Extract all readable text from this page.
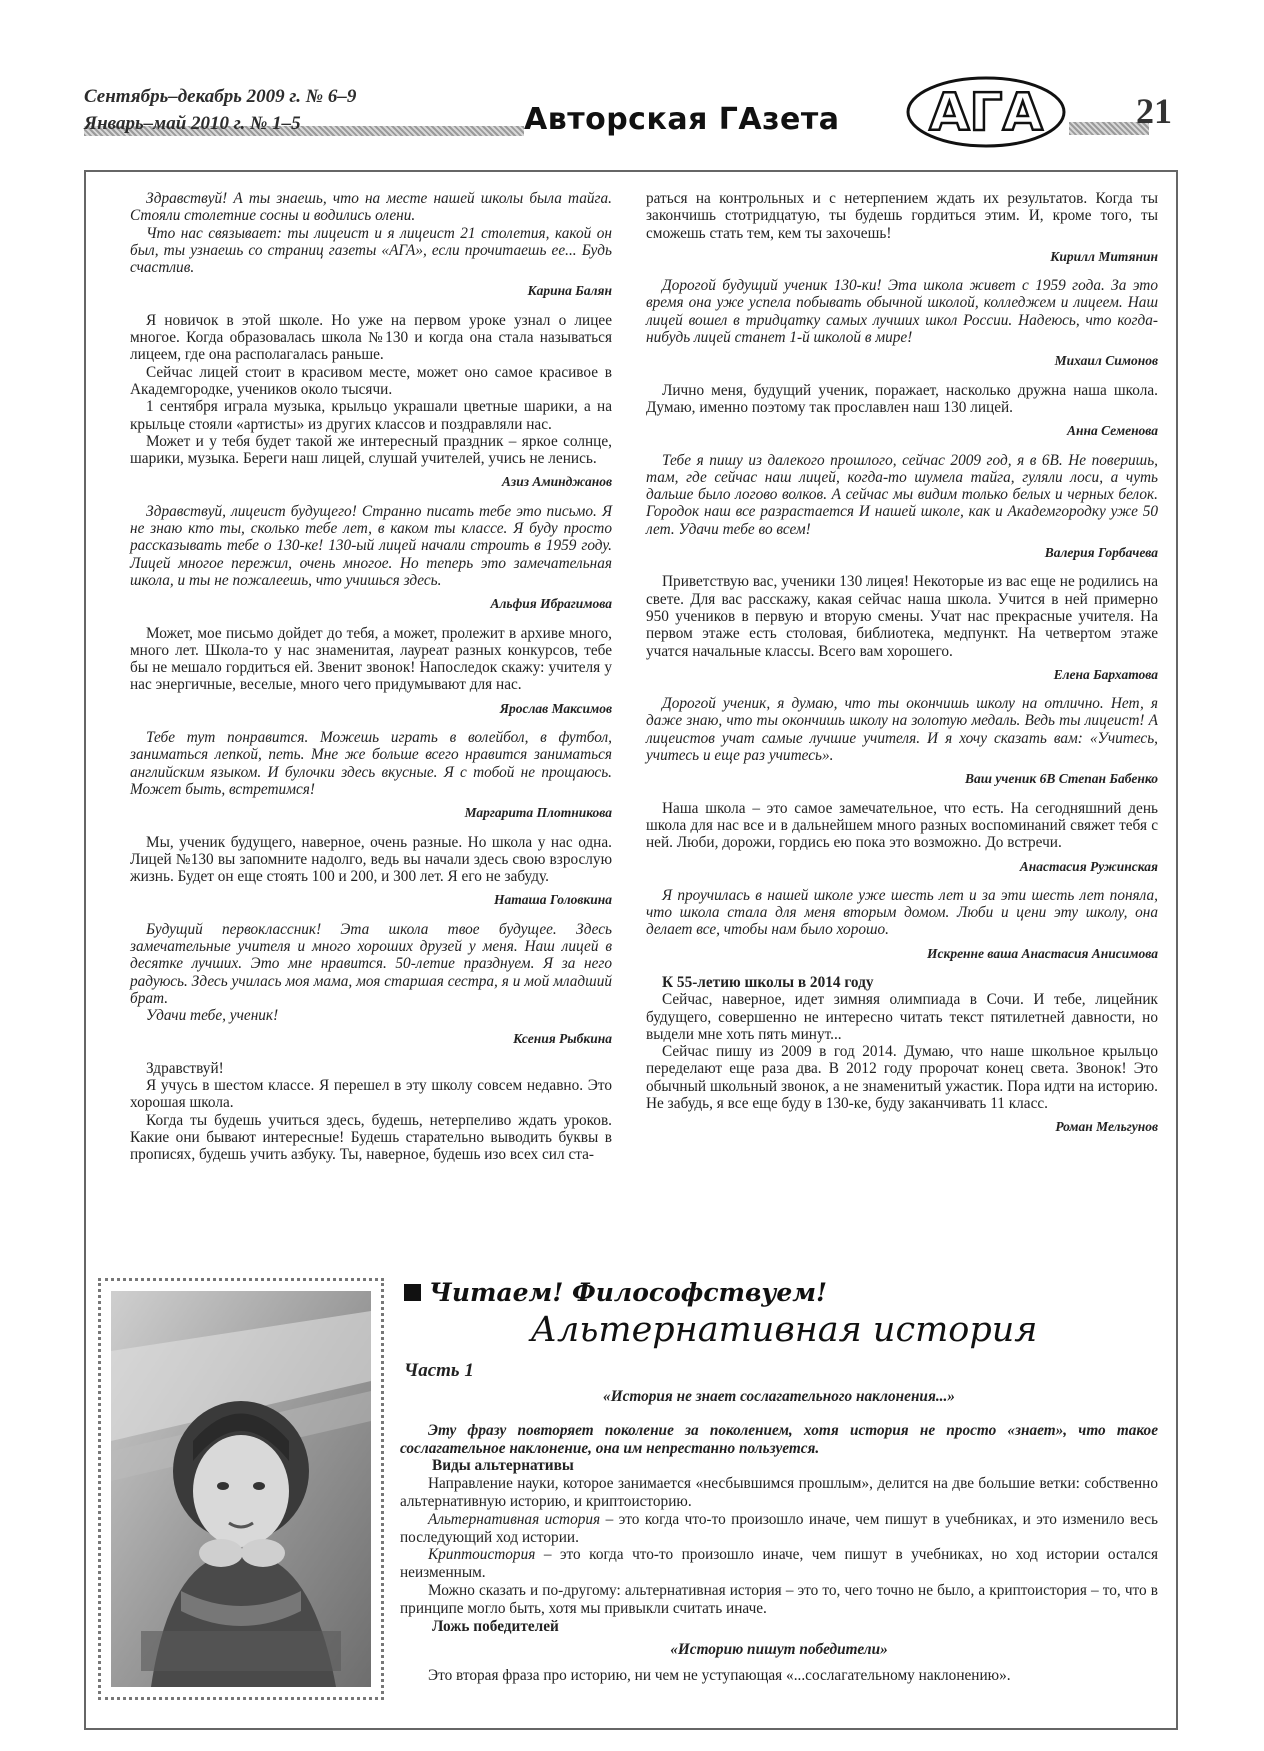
Сентябрь–декабрь 2009 г. № 6–9
Январь–май 2010 г. № 1–5	Авторская ГАзета АГА	21

Здравствуй! А ты знаешь, что на месте нашей школы была тайга. Стояли столетние сосны и водились олени.

Что нас связывает: ты лицеист и я лицеист 21 столетия, какой он был, ты узнаешь со страниц газеты «АГА», если прочитаешь ее... Будь счастлив.

Карина Балян

Я новичок в этой школе. Но уже на первом уроке узнал о лицее многое. Когда образовалась школа №130 и когда она стала называться лицеем, где она располагалась раньше.

Сейчас лицей стоит в красивом месте, может оно самое красивое в Академгородке, учеников около тысячи.

1 сентября играла музыка, крыльцо украшали цветные шарики, а на крыльце стояли «артисты» из других классов и поздравляли нас.

Может и у тебя будет такой же интересный праздник – яркое солнце, шарики, музыка. Береги наш лицей, слушай учителей, учись не ленись.

Азиз Аминджанов

Здравствуй, лицеист будущего! Странно писать тебе это письмо. Я не знаю кто ты, сколько тебе лет, в каком ты классе. Я буду просто рассказывать тебе о 130-ке! 130-ый лицей начали строить в 1959 году. Лицей многое пережил, очень многое. Но теперь это замечательная школа, и ты не пожалеешь, что учишься здесь.

Альфия Ибрагимова

Может, мое письмо дойдет до тебя, а может, пролежит в архиве много, много лет. Школа-то у нас знаменитая, лауреат разных конкурсов, тебе бы не мешало гордиться ей. Звенит звонок! Напоследок скажу: учителя у нас энергичные, веселые, много чего придумывают для нас.

Ярослав Максимов

Тебе тут понравится. Можешь играть в волейбол, в футбол, заниматься лепкой, петь. Мне же больше всего нравится заниматься английским языком. И булочки здесь вкусные. Я с тобой не прощаюсь. Может быть, встретимся!

Маргарита Плотникова

Мы, ученик будущего, наверное, очень разные. Но школа у нас одна. Лицей №130 вы запомните надолго, ведь вы начали здесь свою взрослую жизнь. Будет он еще стоять 100 и 200, и 300 лет. Я его не забуду.

Наташа Головкина

Будущий первоклассник! Эта школа твое будущее. Здесь замечательные учителя и много хороших друзей у меня. Наш лицей в десятке лучших. Это мне нравится. 50-летие празднуем. Я за него радуюсь. Здесь училась моя мама, моя старшая сестра, я и мой младший брат.

Удачи тебе, ученик!

Ксения Рыбкина

Здравствуй!

Я учусь в шестом классе. Я перешел в эту школу совсем недавно. Это хорошая школа.

Когда ты будешь учиться здесь, будешь, нетерпеливо ждать уроков. Какие они бывают интересные! Будешь старательно выводить буквы в прописях, будешь учить азбуку. Ты, наверное, будешь изо всех сил ста-

раться на контрольных и с нетерпением ждать их результатов. Когда ты закончишь стотридцатую, ты будешь гордиться этим. И, кроме того, ты сможешь стать тем, кем ты захочешь!

Кирилл Митянин

Дорогой будущий ученик 130-ки! Эта школа живет с 1959 года. За это время она уже успела побывать обычной школой, колледжем и лицеем. Наш лицей вошел в тридцатку самых лучших школ России. Надеюсь, что когда-нибудь лицей станет 1-й школой в мире!

Михаил Симонов

Лично меня, будущий ученик, поражает, насколько дружна наша школа. Думаю, именно поэтому так прославлен наш 130 лицей.

Анна Семенова

Тебе я пишу из далекого прошлого, сейчас 2009 год, я в 6В. Не поверишь, там, где сейчас наш лицей, когда-то шумела тайга, гуляли лоси, а чуть дальше было логово волков. А сейчас мы видим только белых и черных белок. Городок наш все разрастается И нашей школе, как и Академгородку уже 50 лет. Удачи тебе во всем!

Валерия Горбачева

Приветствую вас, ученики 130 лицея! Некоторые из вас еще не родились на свете. Для вас расскажу, какая сейчас наша школа. Учится в ней примерно 950 учеников в первую и вторую смены. Учат нас прекрасные учителя. На первом этаже есть столовая, библиотека, медпункт. На четвертом этаже учатся начальные классы. Всего вам хорошего.

Елена Бархатова

Дорогой ученик, я думаю, что ты окончишь школу на отлично. Нет, я даже знаю, что ты окончишь школу на золотую медаль. Ведь ты лицеист! А лицеистов учат самые лучшие учителя. И я хочу сказать вам: «Учитесь, учитесь и еще раз учитесь».

Ваш ученик 6В Степан Бабенко

Наша школа – это самое замечательное, что есть. На сегодняшний день школа для нас все и в дальнейшем много разных воспоминаний свяжет тебя с ней. Люби, дорожи, гордись ею пока это возможно. До встречи.

Анастасия Ружинская

Я проучилась в нашей школе уже шесть лет и за эти шесть лет поняла, что школа стала для меня вторым домом. Люби и цени эту школу, она делает все, чтобы нам было хорошо.

Искренне ваша Анастасия Анисимова
К 55-летию школы в 2014 году

Сейчас, наверное, идет зимняя олимпиада в Сочи. И тебе, лицейник будущего, совершенно не интересно читать текст пятилетней давности, но выдели мне хоть пять минут...

Сейчас пишу из 2009 в год 2014. Думаю, что наше школьное крыльцо переделают еще раза два. В 2012 году пророчат конец света. Звонок! Это обычный школьный звонок, а не знаменитый ужастик. Пора идти на историю. Не забудь, я все еще буду в 130-ке, буду заканчивать 11 класс.

Роман Мельгунов
Читаем! Философствуем!
Альтернативная история
Часть 1

«История не знает сослагательного наклонения...»

Эту фразу повторяет поколение за поколением, хотя история не просто «знает», что такое сослагательное наклонение, она им непрестанно пользуется.

Виды альтернативы

Направление науки, которое занимается «несбывшимся прошлым», делится на две большие ветки: собственно альтернативную историю, и криптоисторию.

Альтернативная история – это когда что-то произошло иначе, чем пишут в учебниках, и это изменило весь последующий ход истории.

Криптоистория – это когда что-то произошло иначе, чем пишут в учебниках, но ход истории остался неизменным.

Можно сказать и по-другому: альтернативная история – это то, чего точно не было, а криптоистория – то, что в принципе могло быть, хотя мы привыкли считать иначе.

Ложь победителей

«Историю пишут победители»

Это вторая фраза про историю, ни чем не уступающая «...сослагательному наклонению».
